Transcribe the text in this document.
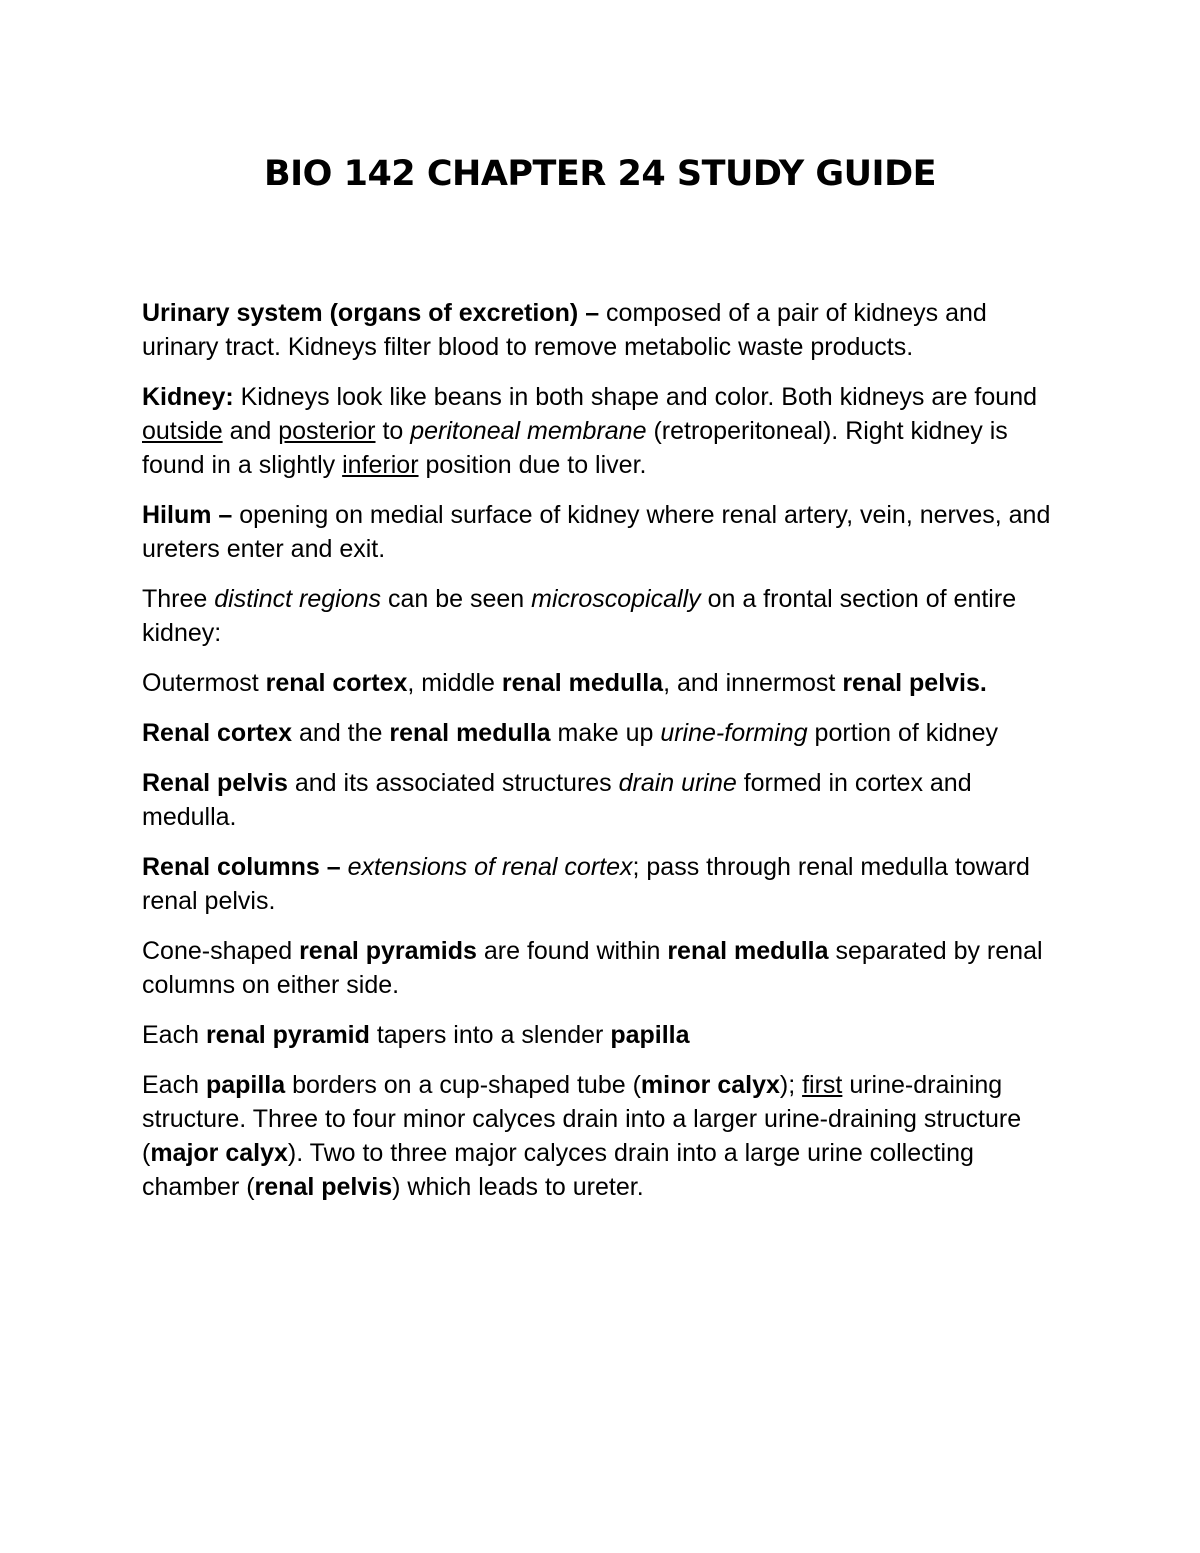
BIO 142 CHAPTER 24 STUDY GUIDE

Urinary system (organs of excretion) – composed of a pair of kidneys and urinary tract. Kidneys filter blood to remove metabolic waste products.

Kidney: Kidneys look like beans in both shape and color. Both kidneys are found outside and posterior to peritoneal membrane (retroperitoneal). Right kidney is found in a slightly inferior position due to liver.

Hilum – opening on medial surface of kidney where renal artery, vein, nerves, and ureters enter and exit.

Three distinct regions can be seen microscopically on a frontal section of entire kidney:

Outermost renal cortex, middle renal medulla, and innermost renal pelvis.

Renal cortex and the renal medulla make up urine-forming portion of kidney

Renal pelvis and its associated structures drain urine formed in cortex and medulla.

Renal columns – extensions of renal cortex; pass through renal medulla toward renal pelvis.

Cone-shaped renal pyramids are found within renal medulla separated by renal columns on either side.

Each renal pyramid tapers into a slender papilla

Each papilla borders on a cup-shaped tube (minor calyx); first urine-draining structure. Three to four minor calyces drain into a larger urine-draining structure (major calyx). Two to three major calyces drain into a large urine collecting chamber (renal pelvis) which leads to ureter.
